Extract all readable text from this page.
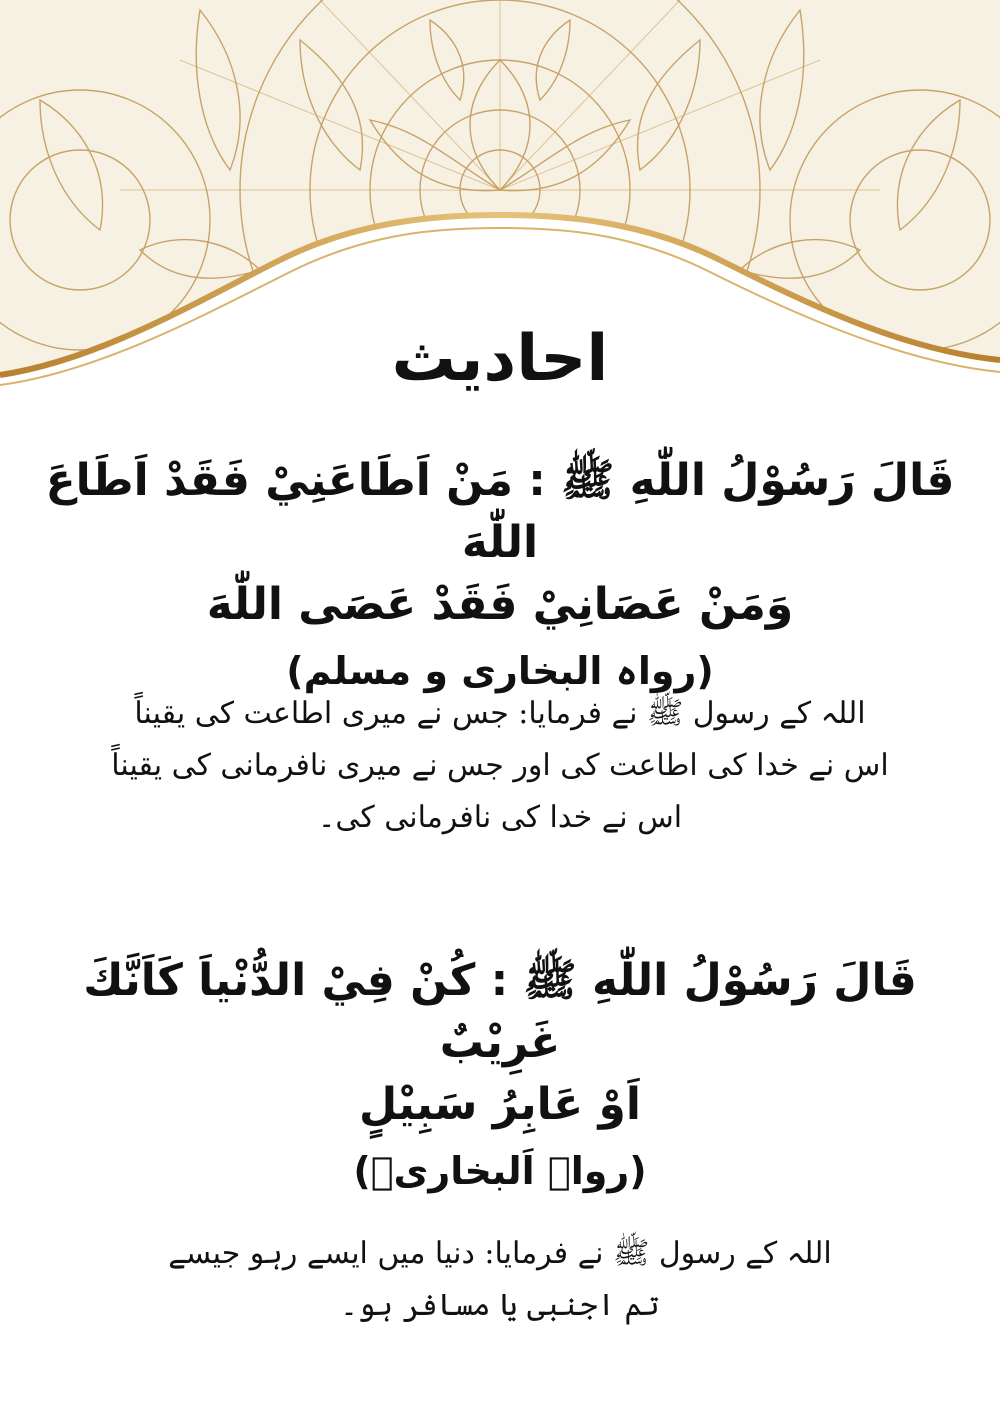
احادیث

قَالَ رَسُوْلُ اللّٰهِ ﷺ : مَنْ اَطَاعَنِيْ فَقَدْ اَطَاعَ اللّٰهَ

وَمَنْ عَصَانِيْ فَقَدْ عَصَى اللّٰهَ

(رواہ البخاری و مسلم)

اللہ کے رسول ﷺ نے فرمایا: جس نے میری اطاعت کی یقیناً
اس نے خدا کی اطاعت کی اور جس نے میری نافرمانی کی یقیناً
اس نے خدا کی نافرمانی کی۔

قَالَ رَسُوْلُ اللّٰهِ ﷺ : كُنْ فِيْ الدُّنْياَ كَاَنَّكَ غَرِيْبٌ

اَوْ عَابِرُ سَبِيْلٍ

(رواہ اَلبخاریؒ)

اللہ کے رسول ﷺ نے فرمایا: دنیا میں ایسے رہو جیسے
تم اجنبی یا مسافر ہو۔
